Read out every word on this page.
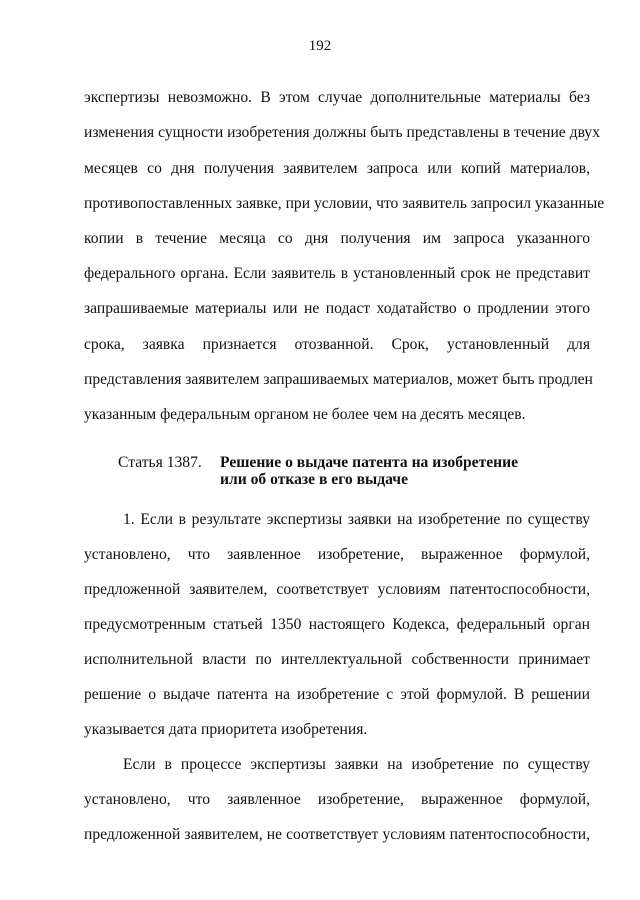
192
экспертизы невозможно. В этом случае дополнительные материалы без
изменения сущности изобретения должны быть представлены в течение двух
месяцев со дня получения заявителем запроса или копий материалов,
противопоставленных заявке, при условии, что заявитель запросил указанные
копии в течение месяца со дня получения им запроса указанного
федерального органа. Если заявитель в установленный срок не представит
запрашиваемые материалы или не подаст ходатайство о продлении этого
срока, заявка признается отозванной. Срок, установленный для
представления заявителем запрашиваемых материалов, может быть продлен
указанным федеральным органом не более чем на десять месяцев.
Статья 1387. Решение о выдаче патента на изобретение или об отказе в его выдаче
1. Если в результате экспертизы заявки на изобретение по существу
установлено, что заявленное изобретение, выраженное формулой,
предложенной заявителем, соответствует условиям патентоспособности,
предусмотренным статьей 1350 настоящего Кодекса, федеральный орган
исполнительной власти по интеллектуальной собственности принимает
решение о выдаче патента на изобретение с этой формулой. В решении
указывается дата приоритета изобретения.
Если в процессе экспертизы заявки на изобретение по существу
установлено, что заявленное изобретение, выраженное формулой,
предложенной заявителем, не соответствует условиям патентоспособности,
